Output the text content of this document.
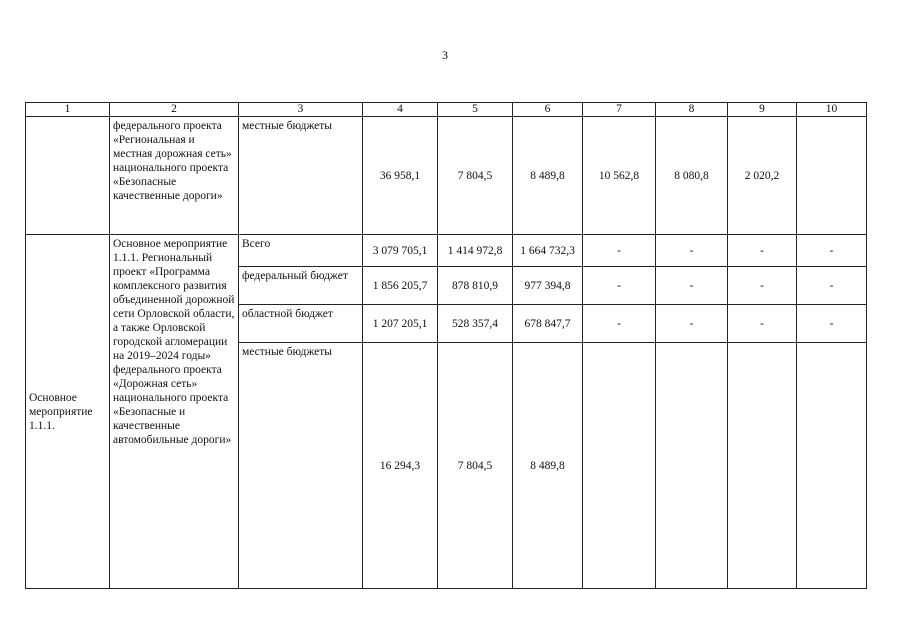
3
1	2	3	4	5	6	7	8	9	10
	федерального проекта «Региональная и местная дорожная сеть» национального проекта «Безопасные качественные дороги»	местные бюджеты	36 958,1	7 804,5	8 489,8	10 562,8	8 080,8	2 020,2	
Основное мероприятие 1.1.1.	Основное мероприятие 1.1.1. Региональный проект «Программа комплексного развития объединенной дорожной сети Орловской области, а также Орловской городской агломерации на 2019–2024 годы» федерального проекта «Дорожная сеть» национального проекта «Безопасные и качественные автомобильные дороги»	Всего	3 079 705,1	1 414 972,8	1 664 732,3	-	-	-	-
		федеральный бюджет	1 856 205,7	878 810,9	977 394,8	-	-	-	-
		областной бюджет	1 207 205,1	528 357,4	678 847,7	-	-	-	-
		местные бюджеты	16 294,3	7 804,5	8 489,8				
